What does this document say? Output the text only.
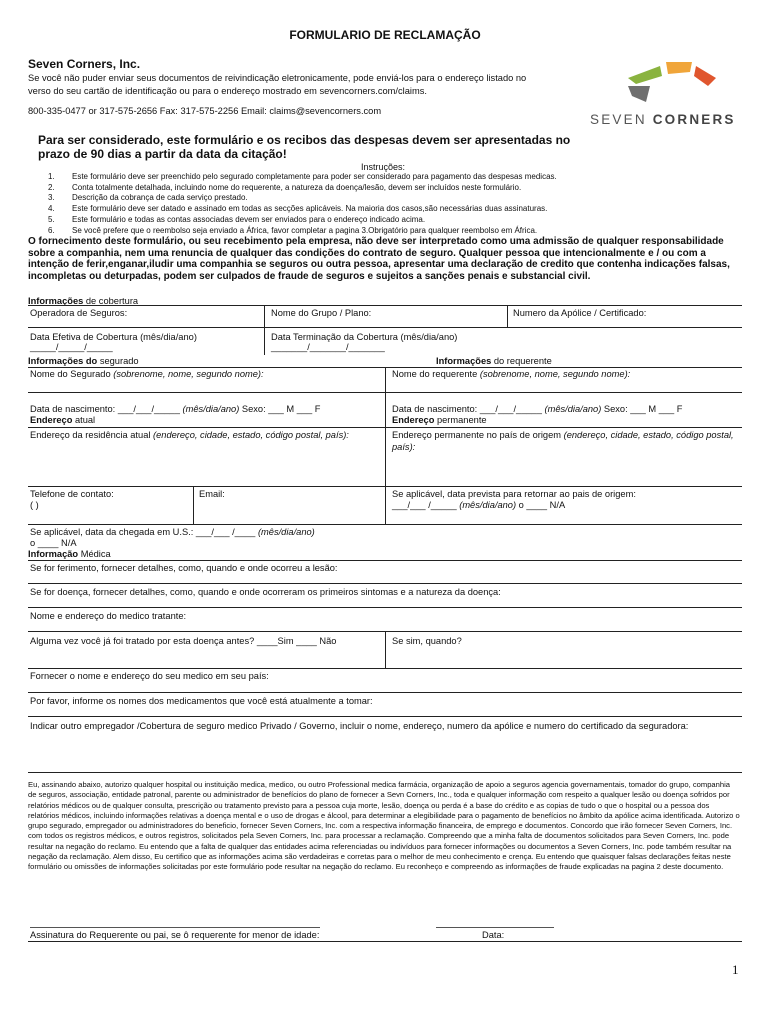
FORMULARIO DE RECLAMAÇÃO
Seven Corners, Inc.
Se você não puder enviar seus documentos de reivindicação eletronicamente, pode enviá-los para o endereço listado no verso do seu cartão de identificação ou para o endereço mostrado em sevencorners.com/claims.
800-335-0477 or 317-575-2656 Fax: 317-575-2256 Email: claims@sevencorners.com
SEVEN CORNERS
Para ser considerado, este formulário e os recibos das despesas devem ser apresentadas no prazo de 90 dias a partir da data da citação!
Instruções:
1.	Este formulário deve ser preenchido pelo segurado completamente para poder ser considerado para pagamento das despesas medicas.
2.	Conta totalmente detalhada, incluindo nome do requerente, a natureza da doença/lesão, devem ser incluídos neste formulário.
3.	Descrição da cobrança de cada serviço prestado.
4.	Este formulário deve ser datado e assinado em todas as secções aplicáveis. Na maioria dos casos,são necessárias duas assinaturas.
5.	Este formulário e todas as contas associadas devem ser enviados para o endereço indicado acima.
6.	Se você prefere que o reembolso seja enviado a África, favor completar a pagina 3.Obrigatório para qualquer reembolso em África.
O fornecimento deste formulário, ou seu recebimento pela empresa, não deve ser interpretado como uma admissão de qualquer responsabilidade sobre a companhia, nem uma renuncia de qualquer das condições do contrato de seguro. Qualquer pessoa que intencionalmente e / ou com a intenção de ferir,enganar,iludir uma companhia se seguros ou outra pessoa, apresentar uma declaração de credito que contenha indicações falsas, incompletas ou deturpadas, podem ser culpados de fraude de seguros e sujeitos a sanções penais e substancial civil.
Informações de cobertura
Operadora de Seguros:	Nome do Grupo / Plano:	Numero da Apólice / Certificado:
Data Efetiva de Cobertura (mês/dia/ano)
_____/_____/_____
Data Terminação da Cobertura (mês/dia/ano)
_______/_______/_______
Informações do segurado	Informações do requerente
Nome do Segurado (sobrenome, nome, segundo nome):	Nome do requerente (sobrenome, nome, segundo nome):
Data de nascimento: ___/___/_____ (mês/dia/ano) Sexo: ___ M ___ F	Data de nascimento: ___/___/_____ (mês/dia/ano) Sexo: ___ M ___ F
Endereço atual	Endereço permanente
Endereço da residência atual (endereço, cidade, estado, código postal, país):	Endereço permanente no país de origem (endereço, cidade, estado, código postal, país):
Telefone de contato:
( )
Email:	Se aplicável, data prevista para retornar ao pais de origem:
___/___ /_____ (mês/dia/ano) o ____ N/A
Se aplicável, data da chegada em U.S.: ___/___ /____ (mês/dia/ano)
o ____ N/A
Informação Médica
Se for ferimento, fornecer detalhes, como, quando e onde ocorreu a lesão:
Se for doença, fornecer detalhes, como, quando e onde ocorreram os primeiros sintomas e a natureza da doença:
Nome e endereço do medico tratante:
Alguma vez você já foi tratado por esta doença antes? ____Sim ____ Não	Se sim, quando?
Fornecer o nome e endereço do seu medico em seu país:
Por favor, informe os nomes dos medicamentos que você está atualmente a tomar:
Indicar outro empregador /Cobertura de seguro medico Privado / Governo, incluir o nome, endereço, numero da apólice e numero do certificado da seguradora:
Eu, assinando abaixo, autorizo qualquer hospital ou instituição medica, medico, ou outro Professional medica farmácia, organização de apoio a seguros agencia governamentais, tomador do grupo, companhia de seguros, associação, entidade patronal, parente ou administrador de benefícios do plano de fornecer a Sevn Corners, Inc., toda e qualquer informação com respeito a qualquer lesão ou doença sofridos por relatórios médicos ou de qualquer consulta, prescrição ou tratamento previsto para a pessoa cuja morte, lesão, doença ou perda é a base do crédito e as copias de tudo o que o hospital ou a pessoa dos relatórios médicos, incluindo informações relativas a doença mental e o uso de drogas e álcool, para determinar a elegibilidade para o pagamento de benefícios no âmbito da apólice acima identificada. Autorizo o grupo segurado, empregador ou administradores do beneficio, fornecer Seven Corners, Inc. com a respectiva informação financeira, de emprego e documentos. Concordo que irão fornecer Seven Corners, Inc. com todos os registros médicos, e outros registros, solicitados pela Seven Corners, Inc. para processar a reclamação. Compreendo que a minha falta de documentos solicitados para Seven Corners, Inc. pode resultar na negação do reclamo. Eu entendo que a falta de qualquer das entidades acima referenciadas ou indivíduos para fornecer informações ou documentos a Seven Corners, Inc. pode também resultar na negação da reclamação. Alem disso, Eu certifico que as informações acima são verdadeiras e corretas para o melhor de meu conhecimento e crença. Eu entendo que quaisquer falsas declarações feitas neste formulário ou omissões de informações solicitadas por este formulário pode resultar na negação do reclamo. Eu reconheço e compreendo as informações de fraude explicadas na pagina 2 deste documento.
Assinatura do Requerente ou pai, se ô requerente for menor de idade:	Data:
1
